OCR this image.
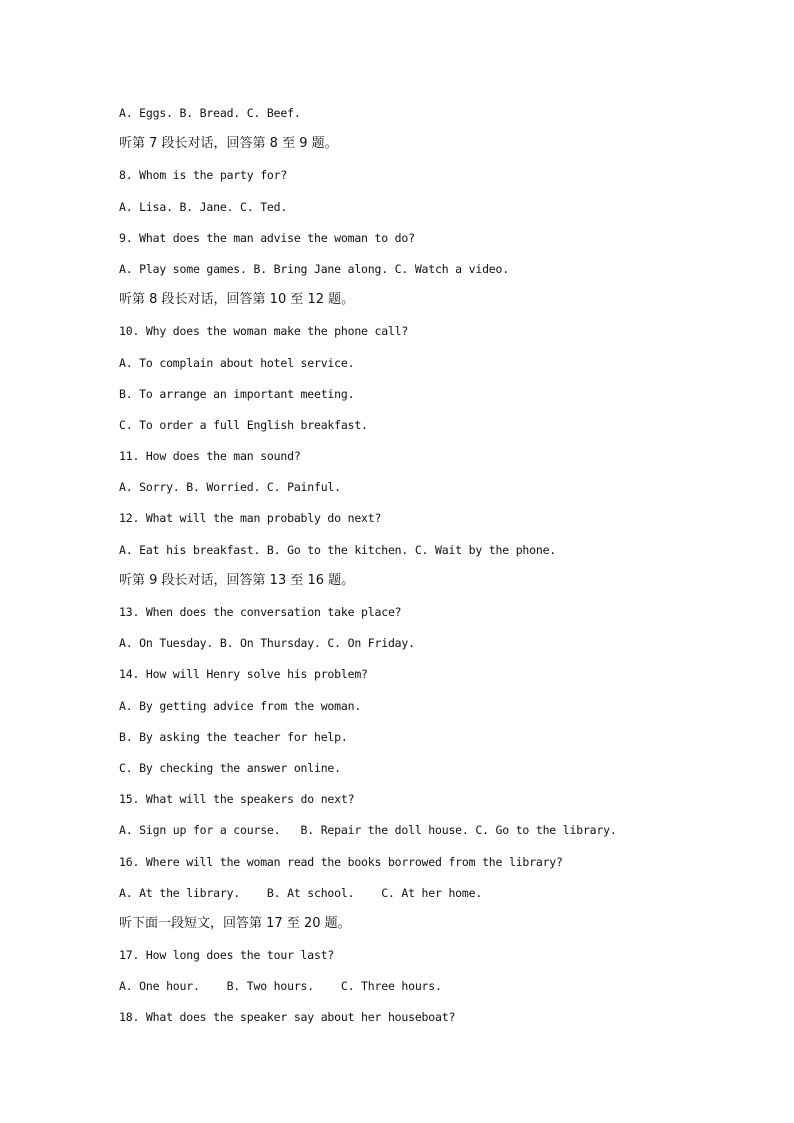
A. Eggs. B. Bread. C. Beef.
听第 7 段长对话，回答第 8 至 9 题。
8. Whom is the party for?
A. Lisa. B. Jane. C. Ted.
9. What does the man advise the woman to do?
A. Play some games. B. Bring Jane along. C. Watch a video.
听第 8 段长对话，回答第 10 至 12 题。
10. Why does the woman make the phone call?
A. To complain about hotel service.
B. To arrange an important meeting.
C. To order a full English breakfast.
11. How does the man sound?
A. Sorry. B. Worried. C. Painful.
12. What will the man probably do next?
A. Eat his breakfast. B. Go to the kitchen. C. Wait by the phone.
听第 9 段长对话，回答第 13 至 16 题。
13. When does the conversation take place?
A. On Tuesday. B. On Thursday. C. On Friday.
14. How will Henry solve his problem?
A. By getting advice from the woman.
B. By asking the teacher for help.
C. By checking the answer online.
15. What will the speakers do next?
A. Sign up for a course.   B. Repair the doll house. C. Go to the library.
16. Where will the woman read the books borrowed from the library?
A. At the library.    B. At school.    C. At her home.
听下面一段短文，回答第 17 至 20 题。
17. How long does the tour last?
A. One hour.    B. Two hours.    C. Three hours.
18. What does the speaker say about her houseboat?
